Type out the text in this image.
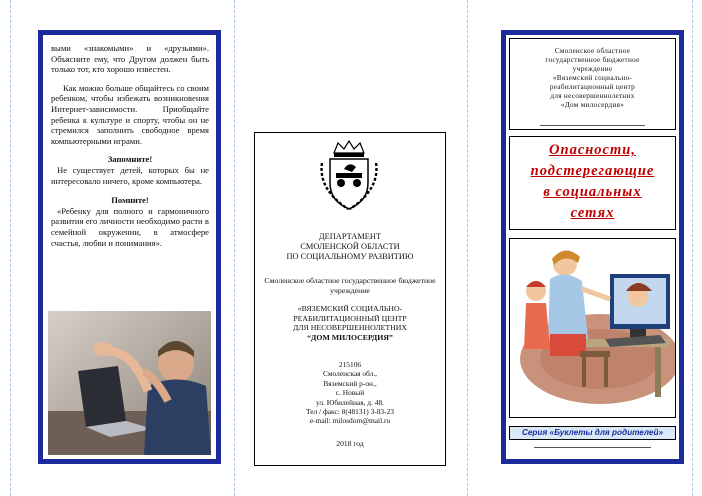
выми «знакомыми» и «друзьями». Объясните ему, что Другом должен быть только тот, кто хорошо известен.

Как можно больше общайтесь со своим ребенком, чтобы избежать возникновения Интернет-зависимости. Приобщайте ребенка к культуре и спорту, чтобы он не стремился заполнить свободное время компьютерными играми.

Запомните!

Не существует детей, которых бы не интересовало ничего, кроме компьютера.

Помните!

«Ребенку для полного и гармоничного развития его личности необходимо расти в семейной окружении, в атмосфере счастья, любви и понимания».

ДЕПАРТАМЕНТ
СМОЛЕНСКОЙ ОБЛАСТИ
ПО СОЦИАЛЬНОМУ РАЗВИТИЮ
Смоленское областное государственное бюджетное учреждение
«ВЯЗЕМСКИЙ СОЦИАЛЬНО-
РЕАБИЛИТАЦИОННЫЙ ЦЕНТР
ДЛЯ НЕСОВЕРШЕННОЛЕТНИХ
“ДОМ МИЛОСЕРДИЯ”
215106
Смоленская обл.,
Вяземский р-он.,
с. Новый
ул. Юбилейная, д. 48.
Тел / факс: 8(48131) 3-83-23
e-mail: milosdom@mail.ru
2018 год
Смоленское областное
государственное бюджетное
учреждение
«Вяземский социально-
реабилитационный центр
для несовершеннолетних
«Дом милосердия»
Опасности,
подстерегающие
в социальных
сетях
Серия «Буклеты для родителей»
